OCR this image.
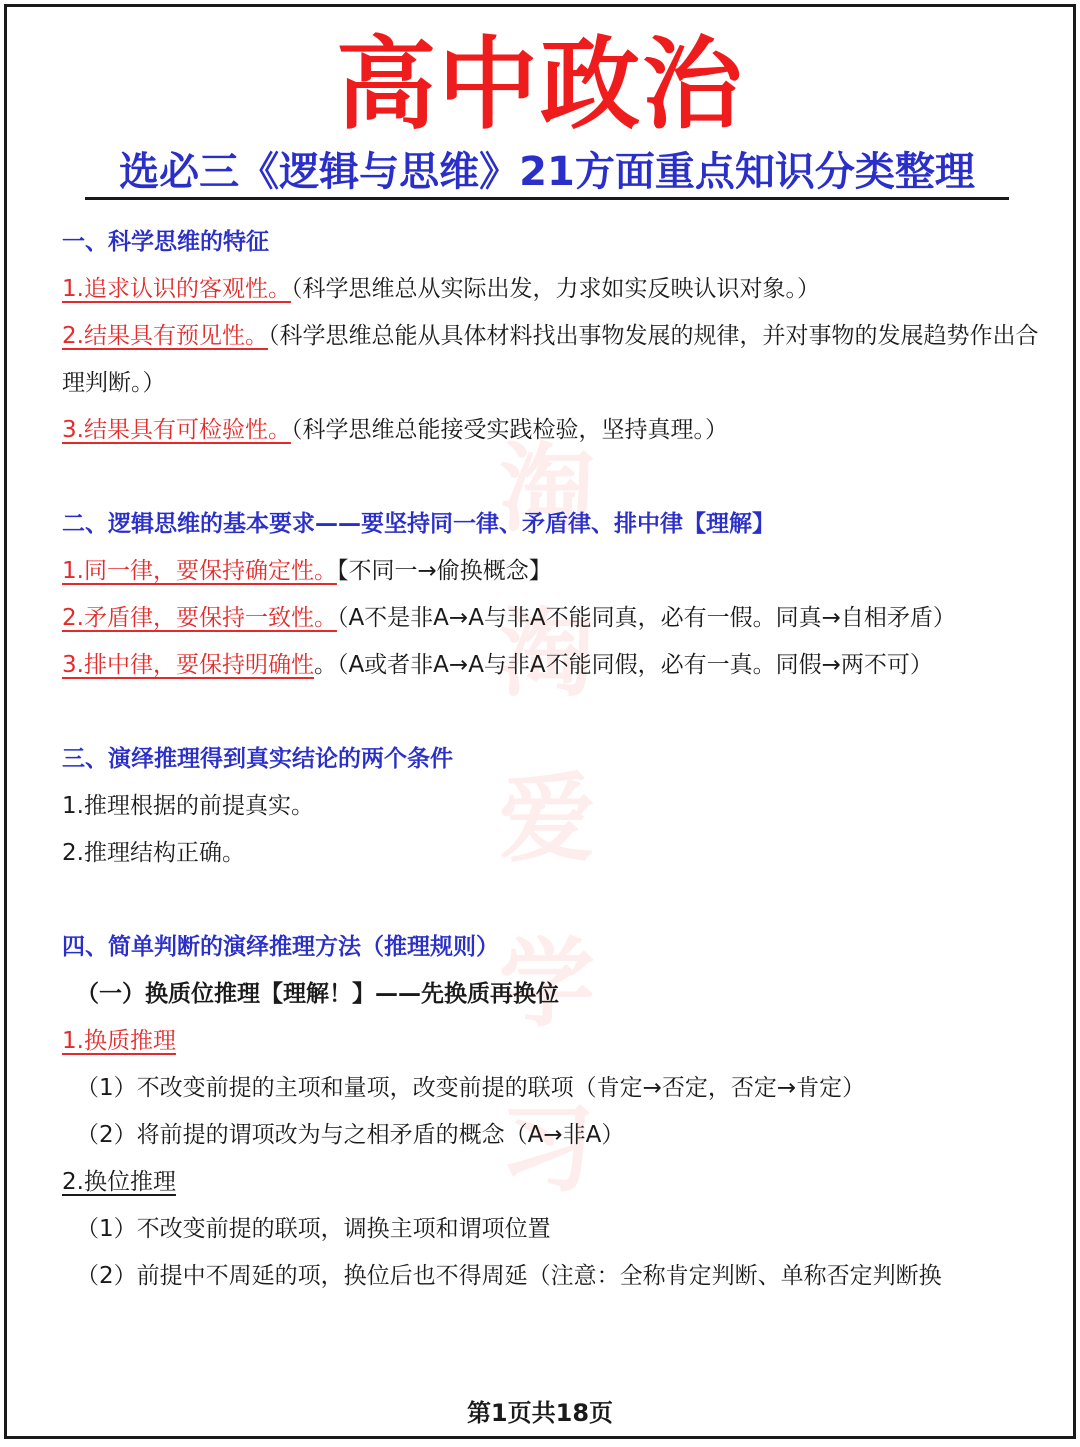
淘
淘
爱
学
习
高中政治
选必三《逻辑与思维》21方面重点知识分类整理

一、科学思维的特征

1.追求认识的客观性。（科学思维总从实际出发，力求如实反映认识对象。）

2.结果具有预见性。（科学思维总能从具体材料找出事物发展的规律，并对事物的发展趋势作出合理判断。）

3.结果具有可检验性。（科学思维总能接受实践检验，坚持真理。）

二、逻辑思维的基本要求——要坚持同一律、矛盾律、排中律【理解】

1.同一律，要保持确定性。【不同一→偷换概念】

2.矛盾律，要保持一致性。（A不是非A→A与非A不能同真，必有一假。同真→自相矛盾）

3.排中律，要保持明确性。（A或者非A→A与非A不能同假，必有一真。同假→两不可）

三、演绎推理得到真实结论的两个条件

1.推理根据的前提真实。

2.推理结构正确。

四、简单判断的演绎推理方法（推理规则）

（一）换质位推理【理解！】——先换质再换位

1.换质推理

（1）不改变前提的主项和量项，改变前提的联项（肯定→否定，否定→肯定）

（2）将前提的谓项改为与之相矛盾的概念（A→非A）

2.换位推理

（1）不改变前提的联项，调换主项和谓项位置

（2）前提中不周延的项，换位后也不得周延（注意：全称肯定判断、单称否定判断换

第1页共18页
